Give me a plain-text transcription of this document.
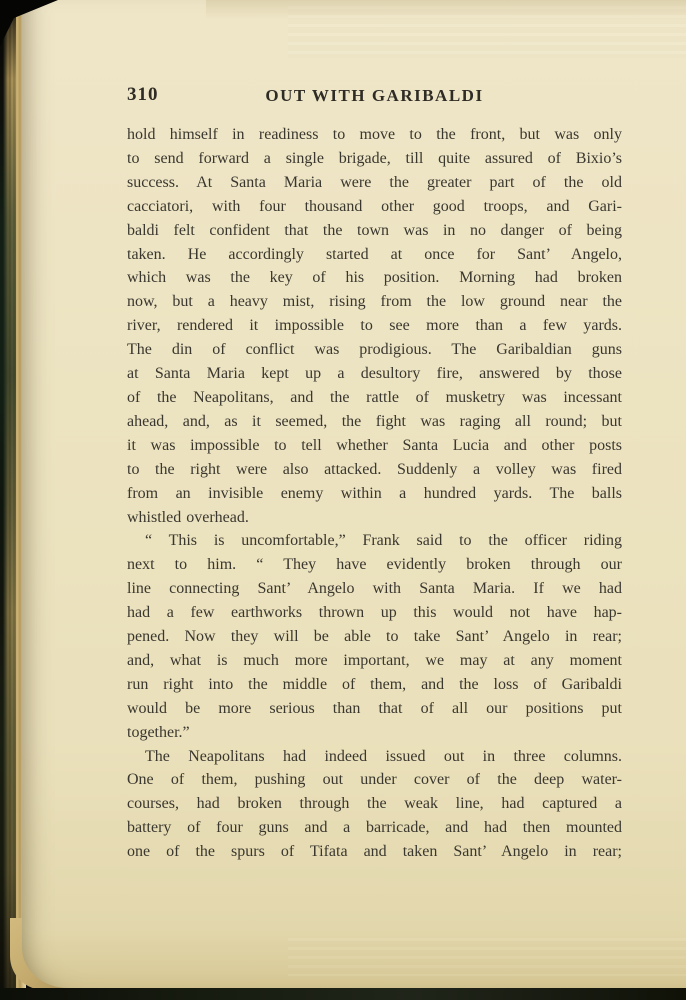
310	OUT WITH GARIBALDI
hold himself in readiness to move to the front, but was only
to send forward a single brigade, till quite assured of Bixio’s
success. At Santa Maria were the greater part of the old
cacciatori, with four thousand other good troops, and Gari-
baldi felt confident that the town was in no danger of being
taken. He accordingly started at once for Sant’ Angelo,
which was the key of his position. Morning had broken
now, but a heavy mist, rising from the low ground near the
river, rendered it impossible to see more than a few yards.
The din of conflict was prodigious. The Garibaldian guns
at Santa Maria kept up a desultory fire, answered by those
of the Neapolitans, and the rattle of musketry was incessant
ahead, and, as it seemed, the fight was raging all round; but
it was impossible to tell whether Santa Lucia and other posts
to the right were also attacked. Suddenly a volley was fired
from an invisible enemy within a hundred yards. The balls
whistled overhead.
“ This is uncomfortable,” Frank said to the officer riding
next to him. “ They have evidently broken through our
line connecting Sant’ Angelo with Santa Maria. If we had
had a few earthworks thrown up this would not have hap-
pened. Now they will be able to take Sant’ Angelo in rear;
and, what is much more important, we may at any moment
run right into the middle of them, and the loss of Garibaldi
would be more serious than that of all our positions put
together.”
The Neapolitans had indeed issued out in three columns.
One of them, pushing out under cover of the deep water-
courses, had broken through the weak line, had captured a
battery of four guns and a barricade, and had then mounted
one of the spurs of Tifata and taken Sant’ Angelo in rear;
